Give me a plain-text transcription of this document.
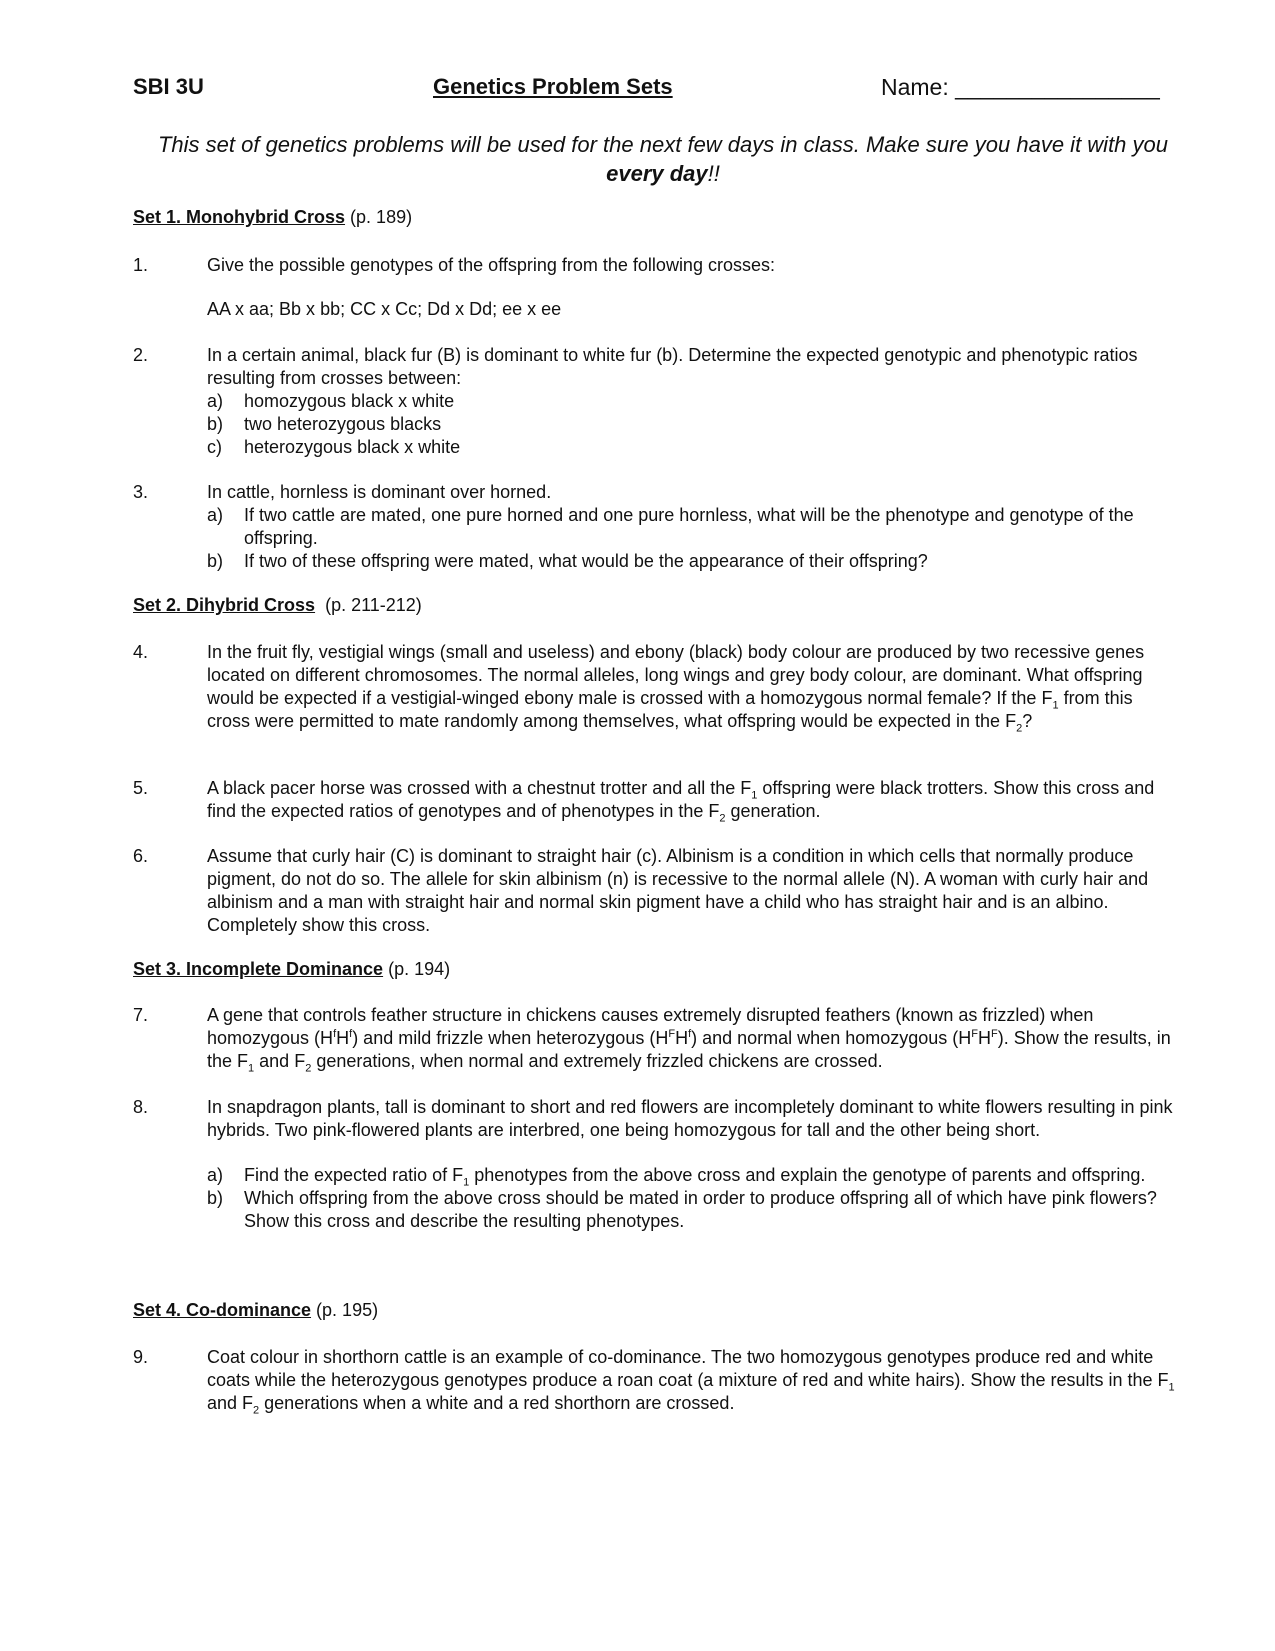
SBI 3U	Genetics Problem Sets	Name: ________________
This set of genetics problems will be used for the next few days in class. Make sure you have it with you every day!!
Set 1. Monohybrid Cross (p. 189)
1.	Give the possible genotypes of the offspring from the following crosses:
AA x aa; Bb x bb; CC x Cc; Dd x Dd; ee x ee
2.	In a certain animal, black fur (B) is dominant to white fur (b). Determine the expected genotypic and phenotypic ratios resulting from crosses between:
a) homozygous black x white
b) two heterozygous blacks
c) heterozygous black x white
3.	In cattle, hornless is dominant over horned.
a) If two cattle are mated, one pure horned and one pure hornless, what will be the phenotype and genotype of the offspring.
b) If two of these offspring were mated, what would be the appearance of their offspring?
Set 2. Dihybrid Cross (p. 211-212)
4.	In the fruit fly, vestigial wings (small and useless) and ebony (black) body colour are produced by two recessive genes located on different chromosomes. The normal alleles, long wings and grey body colour, are dominant. What offspring would be expected if a vestigial-winged ebony male is crossed with a homozygous normal female? If the $F_1$ from this cross were permitted to mate randomly among themselves, what offspring would be expected in the $F_2$?
5.	A black pacer horse was crossed with a chestnut trotter and all the $F_1$ offspring were black trotters. Show this cross and find the expected ratios of genotypes and of phenotypes in the $F_2$ generation.
6.	Assume that curly hair (C) is dominant to straight hair (c). Albinism is a condition in which cells that normally produce pigment, do not do so. The allele for skin albinism (n) is recessive to the normal allele (N). A woman with curly hair and albinism and a man with straight hair and normal skin pigment have a child who has straight hair and is an albino. Completely show this cross.
Set 3. Incomplete Dominance (p. 194)
7.	A gene that controls feather structure in chickens causes extremely disrupted feathers (known as frizzled) when homozygous $(H^fH^f)$ and mild frizzle when heterozygous $(H^FH^f)$ and normal when homozygous $(H^FH^F)$. Show the results, in the $F_1$ and $F_2$ generations, when normal and extremely frizzled chickens are crossed.
8.	In snapdragon plants, tall is dominant to short and red flowers are incompletely dominant to white flowers resulting in pink hybrids. Two pink-flowered plants are interbred, one being homozygous for tall and the other being short.
a) Find the expected ratio of $F_1$ phenotypes from the above cross and explain the genotype of parents and offspring.
b) Which offspring from the above cross should be mated in order to produce offspring all of which have pink flowers? Show this cross and describe the resulting phenotypes.
Set 4. Co-dominance (p. 195)
9.	Coat colour in shorthorn cattle is an example of co-dominance. The two homozygous genotypes produce red and white coats while the heterozygous genotypes produce a roan coat (a mixture of red and white hairs). Show the results in the $F_1$ and $F_2$ generations when a white and a red shorthorn are crossed.
